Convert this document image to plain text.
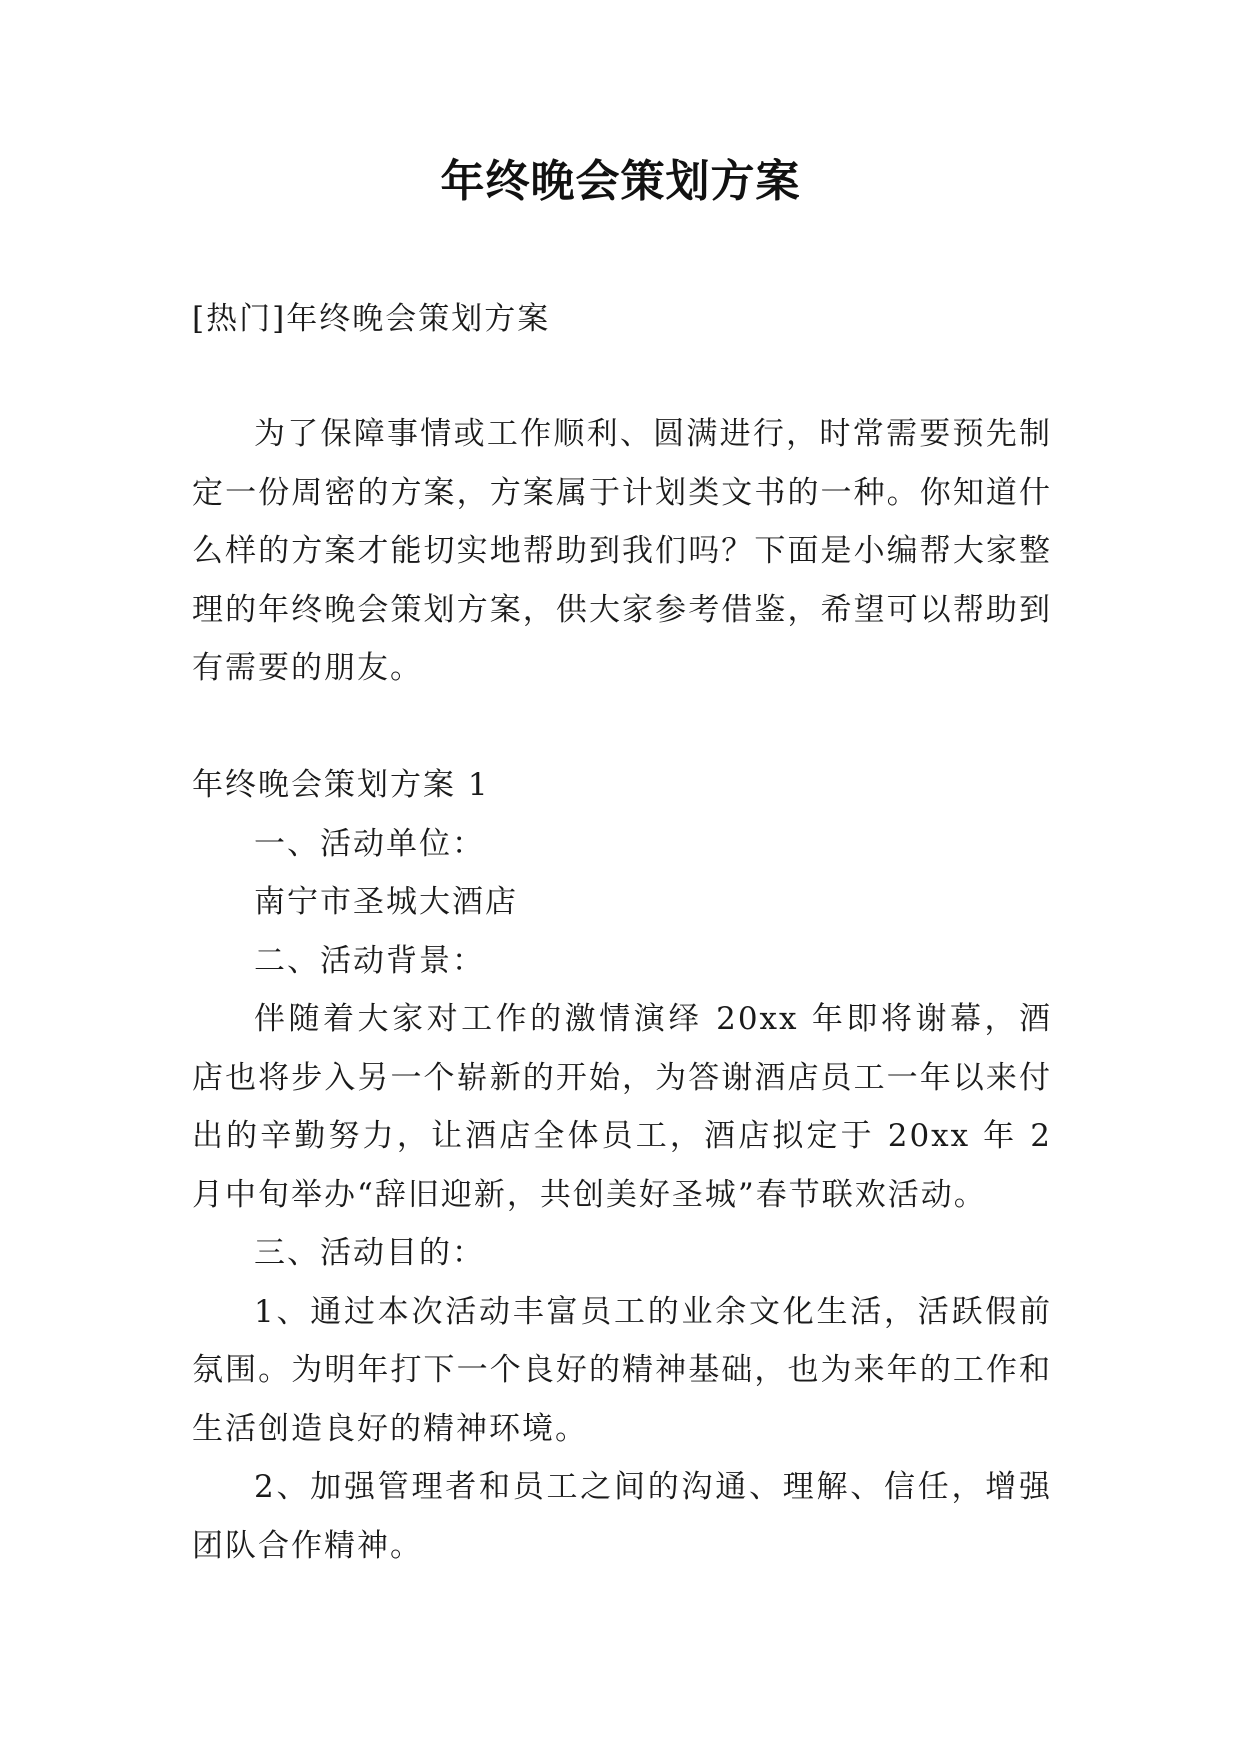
年终晚会策划方案

[热门]年终晚会策划方案

为了保障事情或工作顺利、圆满进行，时常需要预先制定一份周密的方案，方案属于计划类文书的一种。你知道什么样的方案才能切实地帮助到我们吗？下面是小编帮大家整理的年终晚会策划方案，供大家参考借鉴，希望可以帮助到有需要的朋友。

年终晚会策划方案 1

一、活动单位：

南宁市圣城大酒店

二、活动背景：

伴随着大家对工作的激情演绎 20xx 年即将谢幕，酒店也将步入另一个崭新的开始，为答谢酒店员工一年以来付出的辛勤努力，让酒店全体员工，酒店拟定于 20xx 年 2 月中旬举办“辞旧迎新，共创美好圣城”春节联欢活动。

三、活动目的：

1、通过本次活动丰富员工的业余文化生活，活跃假前氛围。为明年打下一个良好的精神基础，也为来年的工作和生活创造良好的精神环境。

2、加强管理者和员工之间的沟通、理解、信任，增强团队合作精神。
